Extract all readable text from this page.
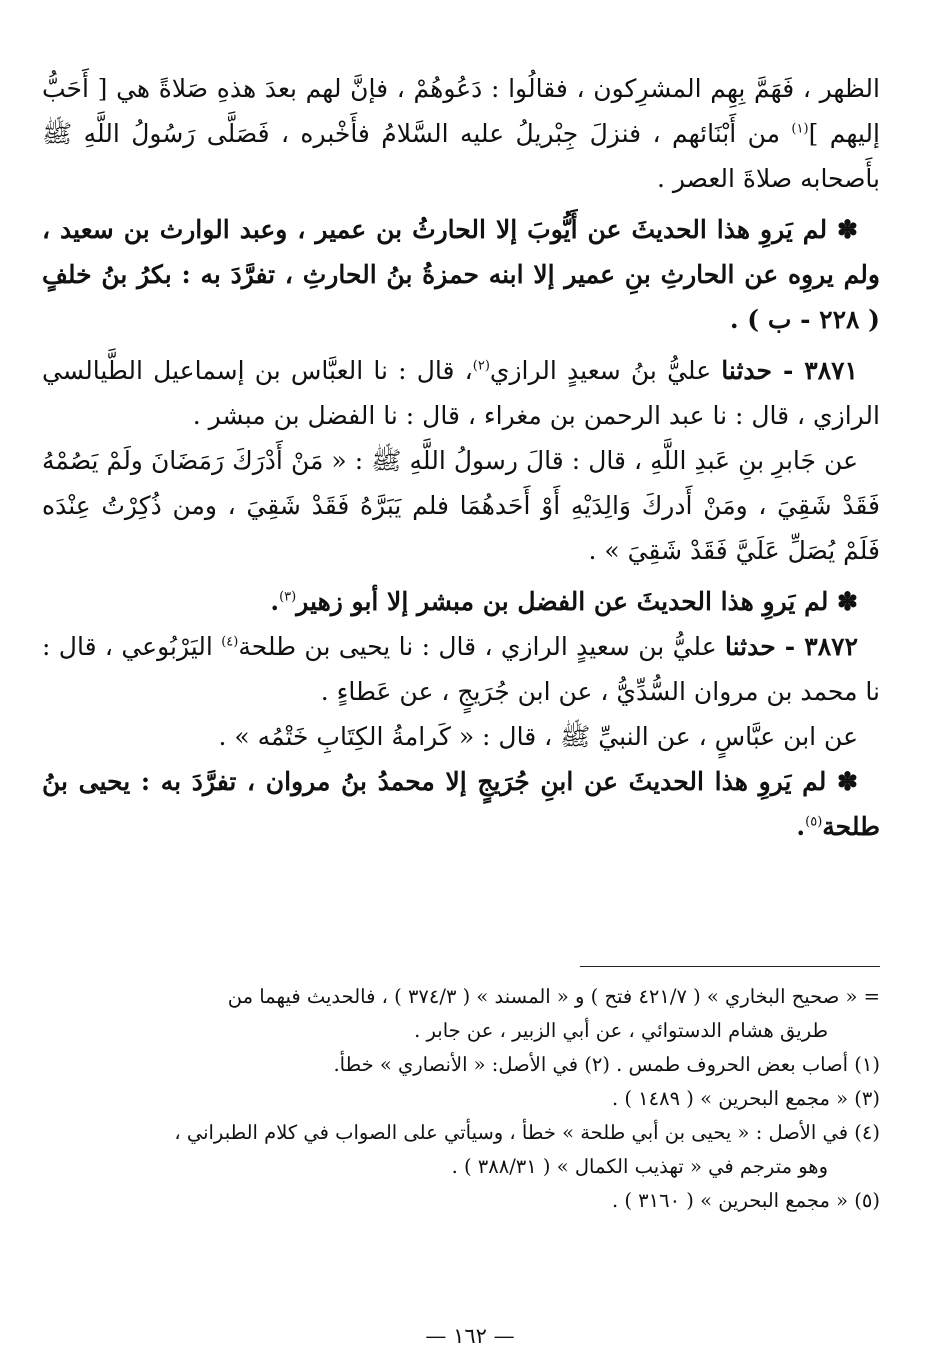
الظهر ، فَهَمَّ بِهِم المشرِكون ، فقالُوا : دَعُوهُمْ ، فإنَّ لهم بعدَ هذهِ صَلاةً هي [ أَحَبُّ إليهم ]$^{(١)}$ من أَبْنَائهم ، فنزلَ جِبْريلُ عليه السَّلامُ فأَخْبره ، فَصَلَّى رَسُولُ اللَّهِ ﷺ بأَصحابه صلاةَ العصر .

✽ لم يَروِ هذا الحديثَ عن أَيُّوبَ إلا الحارثُ بن عمير ، وعبد الوارث بن سعيد ، ولم يروِه عن الحارثِ بنِ عمير إلا ابنه حمزةُ بنُ الحارثِ ، تفرَّدَ به : بكرُ بنُ خلفٍ ( ٢٢٨ - ب ) .

٣٨٧١ - حدثنا عليُّ بنُ سعيدٍ الرازي$^{(٢)}$، قال : نا العبَّاس بن إسماعيل الطَّيالسي الرازي ، قال : نا عبد الرحمن بن مغراء ، قال : نا الفضل بن مبشر .

عن جَابرِ بنِ عَبدِ اللَّهِ ، قال : قالَ رسولُ اللَّهِ ﷺ : « مَنْ أَدْرَكَ رَمَضَانَ ولَمْ يَصُمْهُ فَقَدْ شَقِيَ ، ومَنْ أَدركَ وَالِدَيْهِ أَوْ أَحَدهُمَا فلم يَبَرَّهُ فَقَدْ شَقِيَ ، ومن ذُكِرْتُ عِنْدَه فَلَمْ يُصَلِّ عَلَيَّ فَقَدْ شَقِيَ » .

✽ لم يَروِ هذا الحديثَ عن الفضل بن مبشر إلا أبو زهير$^{(٣)}$.

٣٨٧٢ - حدثنا عليُّ بن سعيدٍ الرازي ، قال : نا يحيى بن طلحة$^{(٤)}$ اليَرْبُوعي ، قال : نا محمد بن مروان السُّدِّيُّ ، عن ابن جُرَيجٍ ، عن عَطاءٍ .

عن ابن عبَّاسٍ ، عن النبيِّ ﷺ ، قال : « كَرامةُ الكِتَابِ خَتْمُه » .

✽ لم يَروِ هذا الحديثَ عن ابنِ جُرَيجٍ إلا محمدُ بنُ مروان ، تفرَّدَ به : يحيى بنُ طلحة$^{(٥)}$.

= « صحيح البخاري » ( ٤٢١/٧ فتح ) و « المسند » ( ٣٧٤/٣ ) ، فالحديث فيهما من

طريق هشام الدستوائي ، عن أبي الزبير ، عن جابر .

(١) أصاب بعض الحروف طمس . (٢) في الأصل: « الأنصاري » خطأ.

(٣) « مجمع البحرين » ( ١٤٨٩ ) .

(٤) في الأصل : « يحيى بن أبي طلحة » خطأ ، وسيأتي على الصواب في كلام الطبراني ،

وهو مترجم في « تهذيب الكمال » ( ٣٨٨/٣١ ) .

(٥) « مجمع البحرين » ( ٣١٦٠ ) .

— ١٦٢ —
